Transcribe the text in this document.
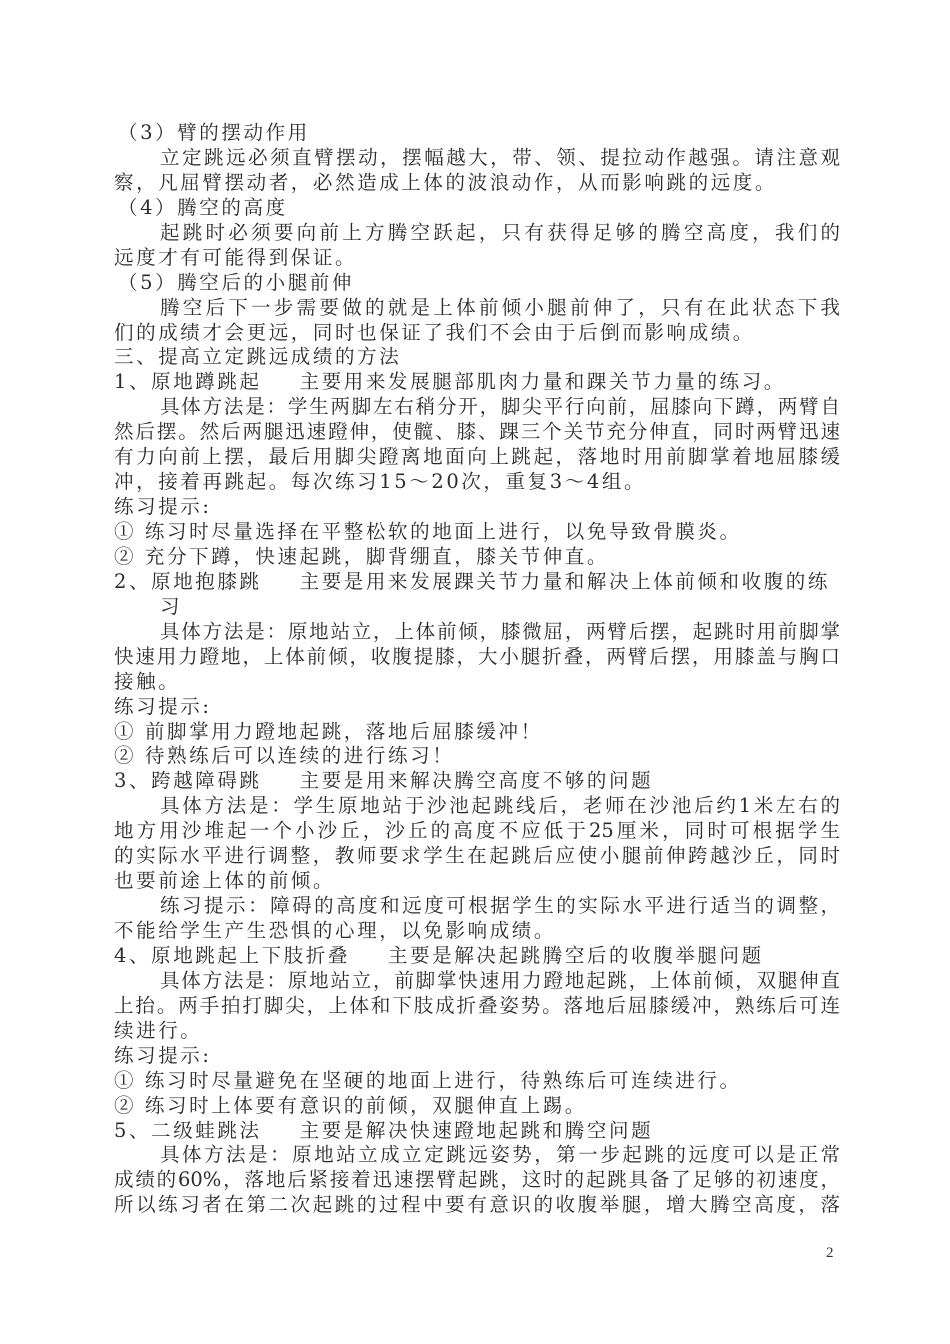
（3）臂的摆动作用
立定跳远必须直臂摆动，摆幅越大，带、领、提拉动作越强。请注意观
察，凡屈臂摆动者，必然造成上体的波浪动作，从而影响跳的远度。
（4）腾空的高度
起跳时必须要向前上方腾空跃起，只有获得足够的腾空高度，我们的
远度才有可能得到保证。
（5）腾空后的小腿前伸
腾空后下一步需要做的就是上体前倾小腿前伸了，只有在此状态下我
们的成绩才会更远，同时也保证了我们不会由于后倒而影响成绩。
三、提高立定跳远成绩的方法
1、原地蹲跳起 主要用来发展腿部肌肉力量和踝关节力量的练习。
具体方法是：学生两脚左右稍分开，脚尖平行向前，屈膝向下蹲，两臂自
然后摆。然后两腿迅速蹬伸，使髋、膝、踝三个关节充分伸直，同时两臂迅速
有力向前上摆，最后用脚尖蹬离地面向上跳起，落地时用前脚掌着地屈膝缓
冲，接着再跳起。每次练习15～20次，重复3～4组。
练习提示:
① 练习时尽量选择在平整松软的地面上进行，以免导致骨膜炎。
② 充分下蹲，快速起跳，脚背绷直，膝关节伸直。
2、原地抱膝跳 主要是用来发展踝关节力量和解决上体前倾和收腹的练
习
具体方法是：原地站立，上体前倾，膝微屈，两臂后摆，起跳时用前脚掌
快速用力蹬地，上体前倾，收腹提膝，大小腿折叠，两臂后摆，用膝盖与胸口
接触。
练习提示:
① 前脚掌用力蹬地起跳，落地后屈膝缓冲！
② 待熟练后可以连续的进行练习！
3、跨越障碍跳 主要是用来解决腾空高度不够的问题
具体方法是：学生原地站于沙池起跳线后，老师在沙池后约1米左右的
地方用沙堆起一个小沙丘，沙丘的高度不应低于25厘米，同时可根据学生
的实际水平进行调整，教师要求学生在起跳后应使小腿前伸跨越沙丘，同时
也要前途上体的前倾。
练习提示：障碍的高度和远度可根据学生的实际水平进行适当的调整，
不能给学生产生恐惧的心理，以免影响成绩。
4、原地跳起上下肢折叠 主要是解决起跳腾空后的收腹举腿问题
具体方法是：原地站立，前脚掌快速用力蹬地起跳，上体前倾，双腿伸直
上抬。两手拍打脚尖，上体和下肢成折叠姿势。落地后屈膝缓冲，熟练后可连
续进行。
练习提示:
① 练习时尽量避免在坚硬的地面上进行，待熟练后可连续进行。
② 练习时上体要有意识的前倾，双腿伸直上踢。
5、二级蛙跳法 主要是解决快速蹬地起跳和腾空问题
具体方法是：原地站立成立定跳远姿势，第一步起跳的远度可以是正常
成绩的60%，落地后紧接着迅速摆臂起跳，这时的起跳具备了足够的初速度，
所以练习者在第二次起跳的过程中要有意识的收腹举腿，增大腾空高度，落
2
